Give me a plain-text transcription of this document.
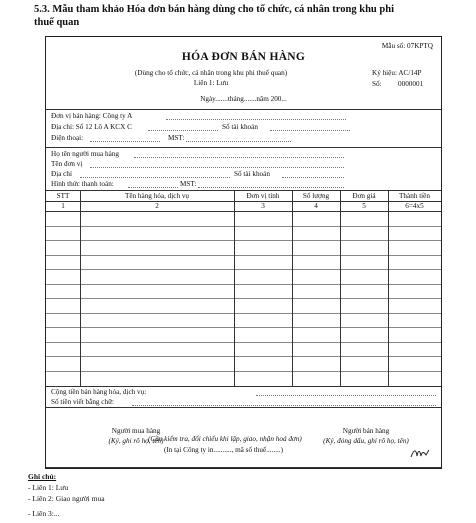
5.3. Mẫu tham khảo Hóa đơn bán hàng dùng cho tổ chức, cá nhân trong khu phi
thuế quan
Mẫu số: 07KPTQ
HÓA ĐƠN BÁN HÀNG
(Dùng cho tổ chức, cá nhân trong khu phi thuế quan)
Liên 1: Lưu
Ký hiệu: AC/14P
Số: 0000001
Ngày.......tháng.......năm 200...
Đơn vị bán hàng: Công ty A
Địa chỉ: Số 12 Lô A KCX C	Số tài khoản
Điện thoại:	MST:
Họ tên người mua hàng
Tên đơn vị
Địa chỉ	Số tài khoản
Hình thức thanh toán:	MST:
STT	Tên hàng hóa, dịch vụ	Đơn vị tính	Số lượng	Đơn giá	Thành tiền
1	2	3	4	5	6=4x5
Cộng tiền bán hàng hóa, dịch vụ:
Số tiền viết bằng chữ:
Người mua hàng
(Ký, ghi rõ họ, tên)
Người bán hàng
(Ký, đóng dấu, ghi rõ họ, tên)
(Cần kiểm tra, đối chiếu khi lập, giao, nhận hoá đơn)
(In tại Công ty in.........., mã số thuế........)
Ghi chú:
- Liên 1: Lưu
- Liên 2: Giao người mua
- Liên 3:...
